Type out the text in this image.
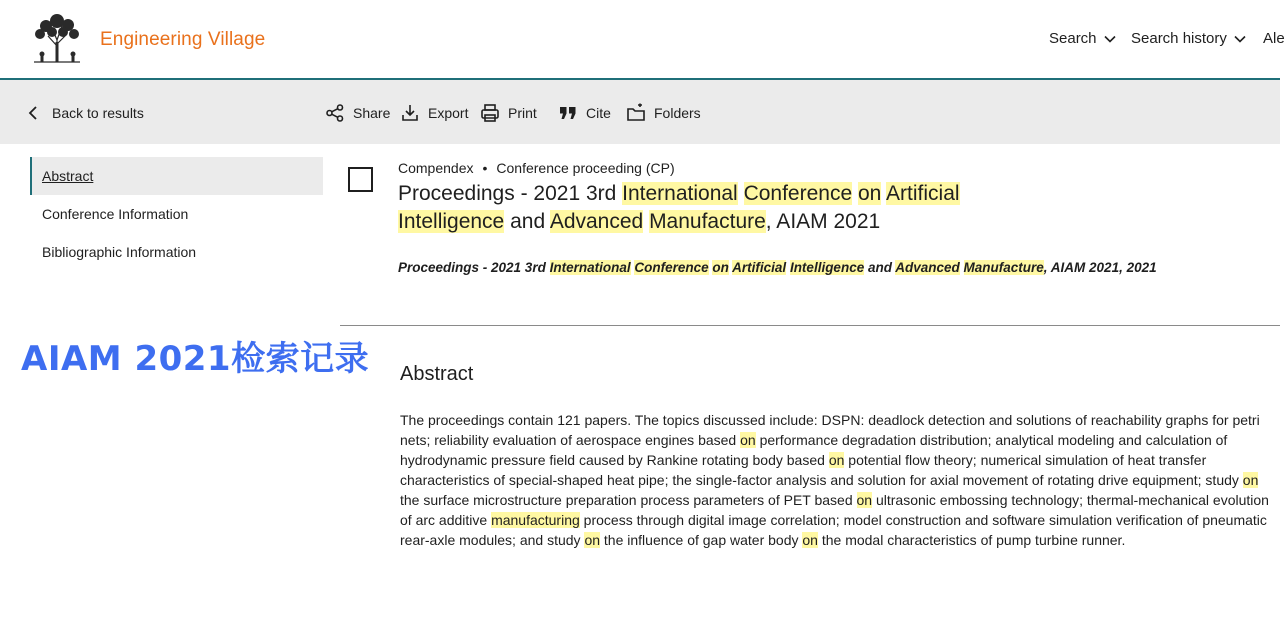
Engineering Village	Search Search history Ale
Back to results	Share	Export	Print	Cite	Folders
Abstract
Conference Information
Bibliographic Information
AIAM 2021检索记录
Compendex • Conference proceeding (CP)
Proceedings - 2021 3rd International Conference on Artificial Intelligence and Advanced Manufacture, AIAM 2021
Proceedings - 2021 3rd International Conference on Artificial Intelligence and Advanced Manufacture, AIAM 2021, 2021
Abstract
The proceedings contain 121 papers. The topics discussed include: DSPN: deadlock detection and solutions of reachability graphs for petri nets; reliability evaluation of aerospace engines based on performance degradation distribution; analytical modeling and calculation of hydrodynamic pressure field caused by Rankine rotating body based on potential flow theory; numerical simulation of heat transfer characteristics of special-shaped heat pipe; the single-factor analysis and solution for axial movement of rotating drive equipment; study on the surface microstructure preparation process parameters of PET based on ultrasonic embossing technology; thermal-mechanical evolution of arc additive manufacturing process through digital image correlation; model construction and software simulation verification of pneumatic rear-axle modules; and study on the influence of gap water body on the modal characteristics of pump turbine runner.
